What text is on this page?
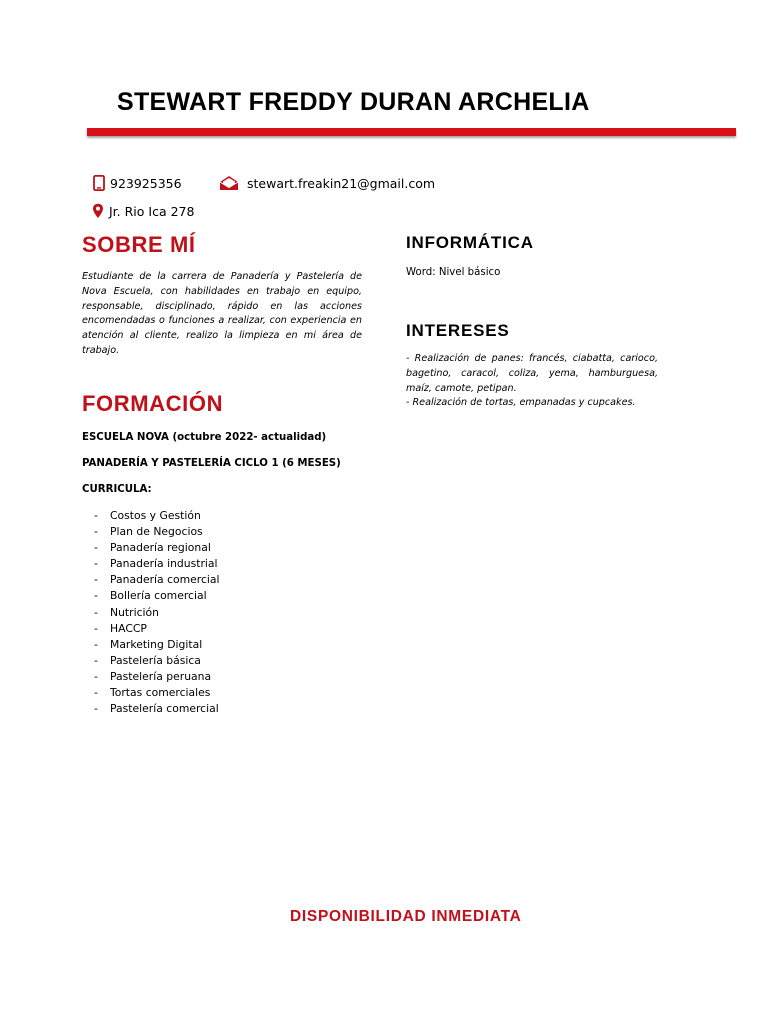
STEWART FREDDY DURAN ARCHELIA
923925356	stewart.freakin21@gmail.com
Jr. Rio Ica 278
SOBRE MÍ

Estudiante de la carrera de Panadería y Pastelería de Nova Escuela, con habilidades en trabajo en equipo, responsable, disciplinado, rápido en las acciones encomendadas o funciones a realizar, con experiencia en atención al cliente, realizo la limpieza en mi área de trabajo.

FORMACIÓN

ESCUELA NOVA (octubre 2022- actualidad)

PANADERÍA Y PASTELERÍA CICLO 1 (6 MESES)

CURRICULA:

- Costos y Gestión
- Plan de Negocios
- Panadería regional
- Panadería industrial
- Panadería comercial
- Bollería comercial
- Nutrición
- HACCP
- Marketing Digital
- Pastelería básica
- Pastelería peruana
- Tortas comerciales
- Pastelería comercial
INFORMÁTICA

Word: Nivel básico

INTERESES

- Realización de panes: francés, ciabatta, carioco, bagetino, caracol, coliza, yema, hamburguesa, maíz, camote, petipan.

- Realización de tortas, empanadas y cupcakes.

DISPONIBILIDAD INMEDIATA
